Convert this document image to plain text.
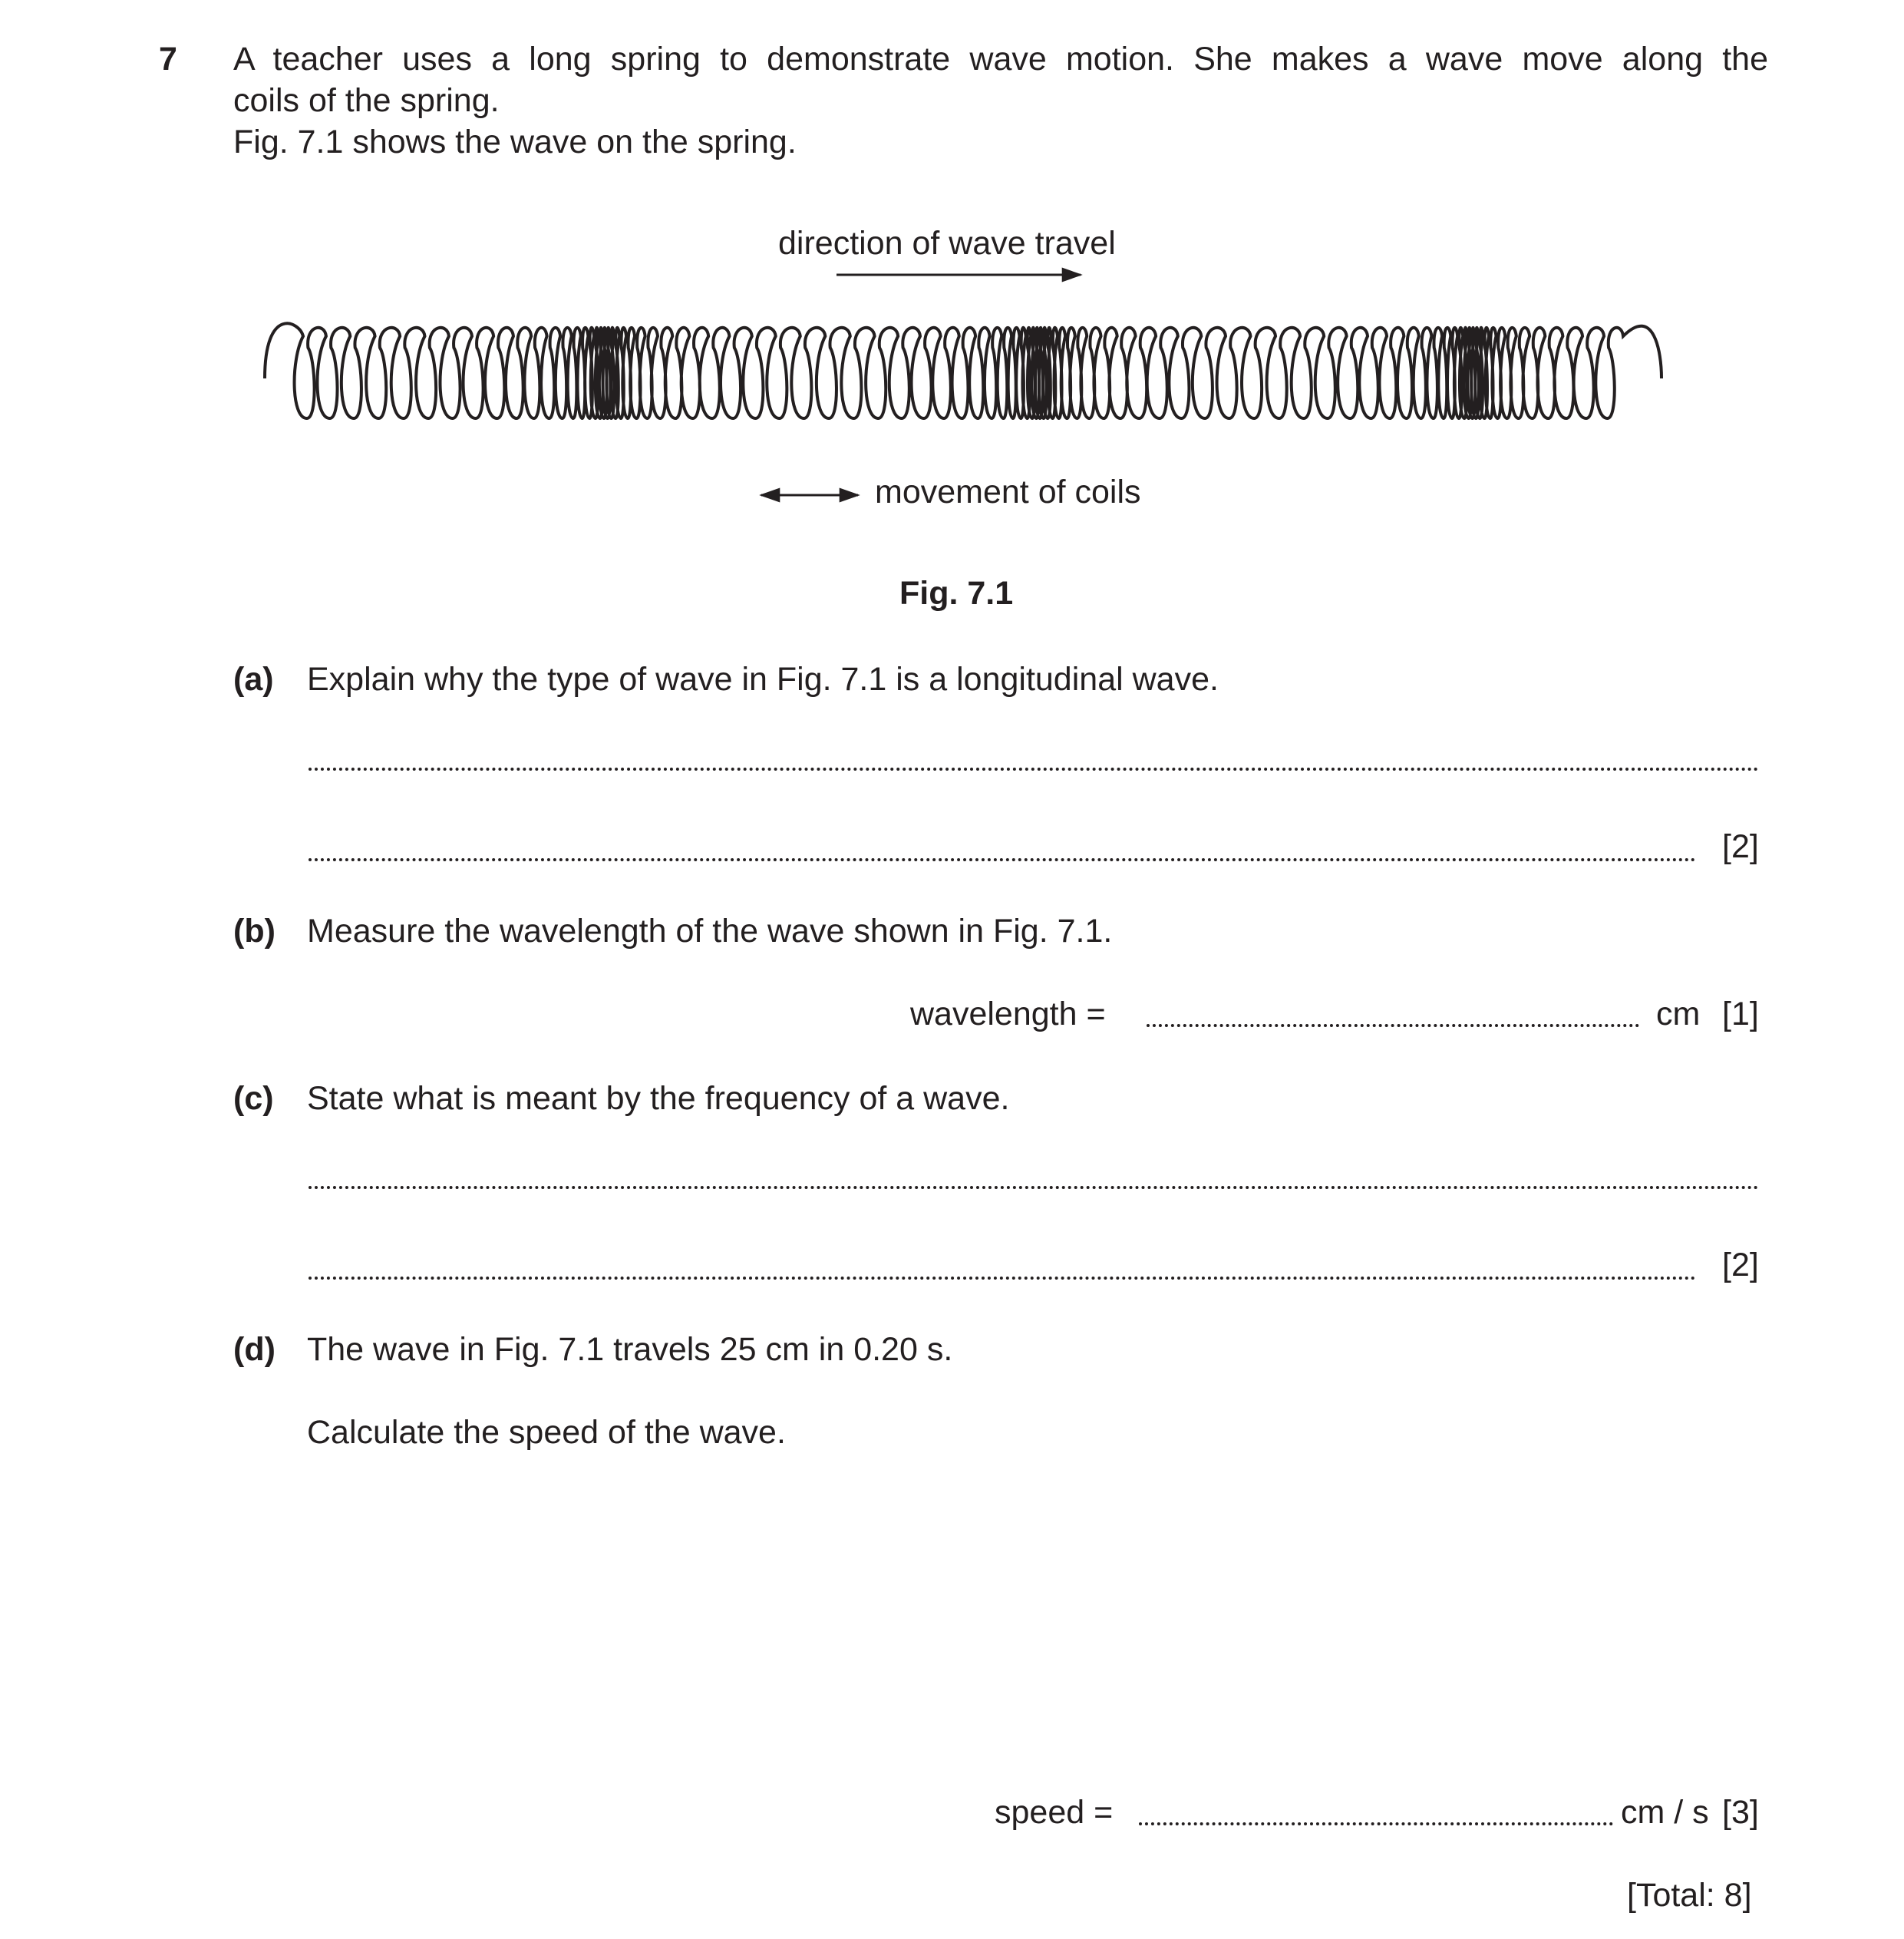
7 A teacher uses a long spring to demonstrate wave motion. She makes a wave move along the
coils of the spring.
Fig. 7.1 shows the wave on the spring.
direction of wave travel
movement of coils
Fig. 7.1
(a) Explain why the type of wave in Fig. 7.1 is a longitudinal wave.
[2]
(b) Measure the wavelength of the wave shown in Fig. 7.1.
wavelength =	cm [1]
(c) State what is meant by the frequency of a wave.
[2]
(d) The wave in Fig. 7.1 travels 25 cm in 0.20 s.
Calculate the speed of the wave.
speed =	cm / s [3]
[Total: 8]
